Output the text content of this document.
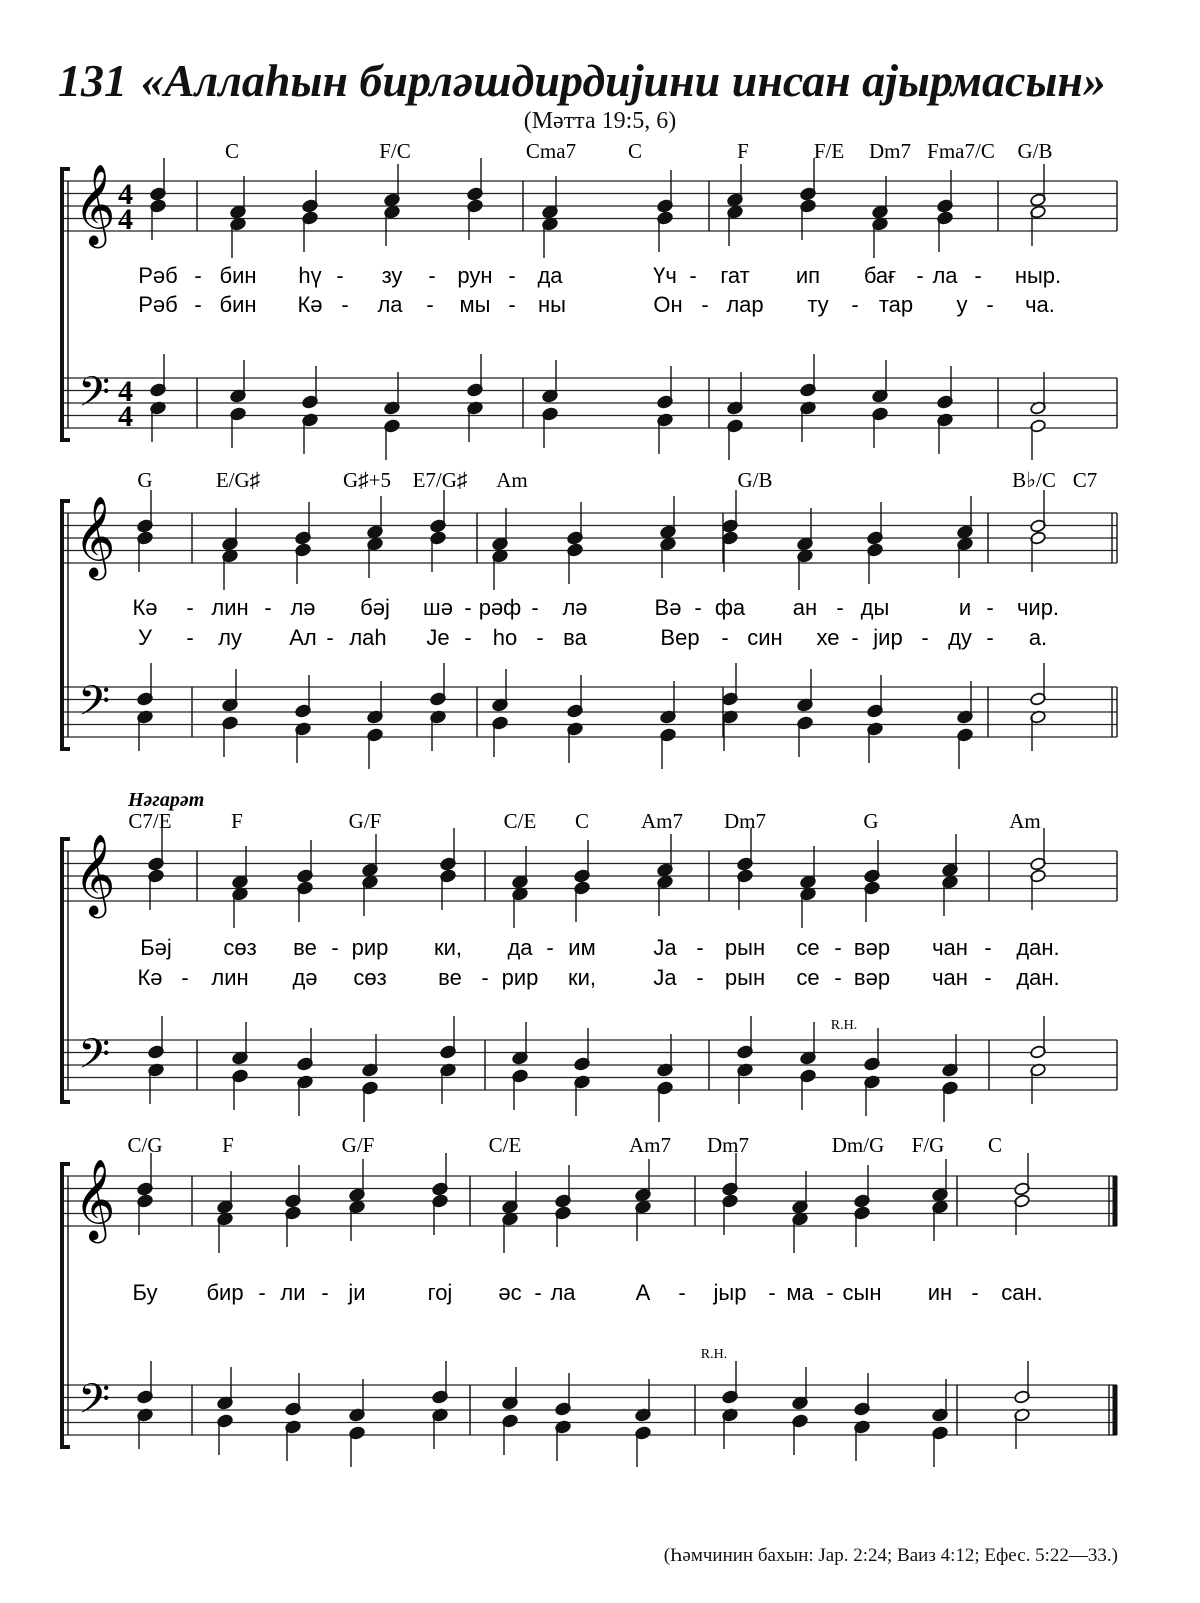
131 «Аллаһын бирләшдирдијини инсан ајырмасын»
(Мәтта 19:5, 6)
(Һәмчинин бахын: Јар. 2:24; Ваиз 4:12; Ефес. 5:22—33.)
𝄞
𝄢
4
4
4
4
C	F/C	Cma7 C	F	F/E Dm7 Fma7/C G/B
Рәб - бин һү - зу - рун - да	Үч - гат ип бағ - ла - ныр.
Рәб - бин Кә - ла - мы - ны	Он - лар ту - тар у - ча.
𝄞
𝄢
G	E/G♯	G♯+5 E7/G♯ Am	G/B	B♭/C C7
Кә - лин - лә бәј шә - рәф - лә	Вә - фа ан - ды	и - чир.
У - лу Ал - лаһ Је - һо - ва	Вер - син хе - јир - ду - а.
𝄞
𝄢
C7/E	F	G/F	C/E C Am7 Dm7	G	Am
Бәј сөз ве - рир ки, да - им	Ја - рын се - вәр чан - дан.
Кә - лин дә сөз ве - рир ки,	Ја - рын се - вәр чан - дан.
𝄞
𝄢
C/G	F	G/F	C/E	Am7 Dm7	Dm/G F/G C
Бу бир - ли - ји	гој әс - ла	А - јыр - ма - сын ин - сан.
Нәгарәт
R.H.
R.H.
